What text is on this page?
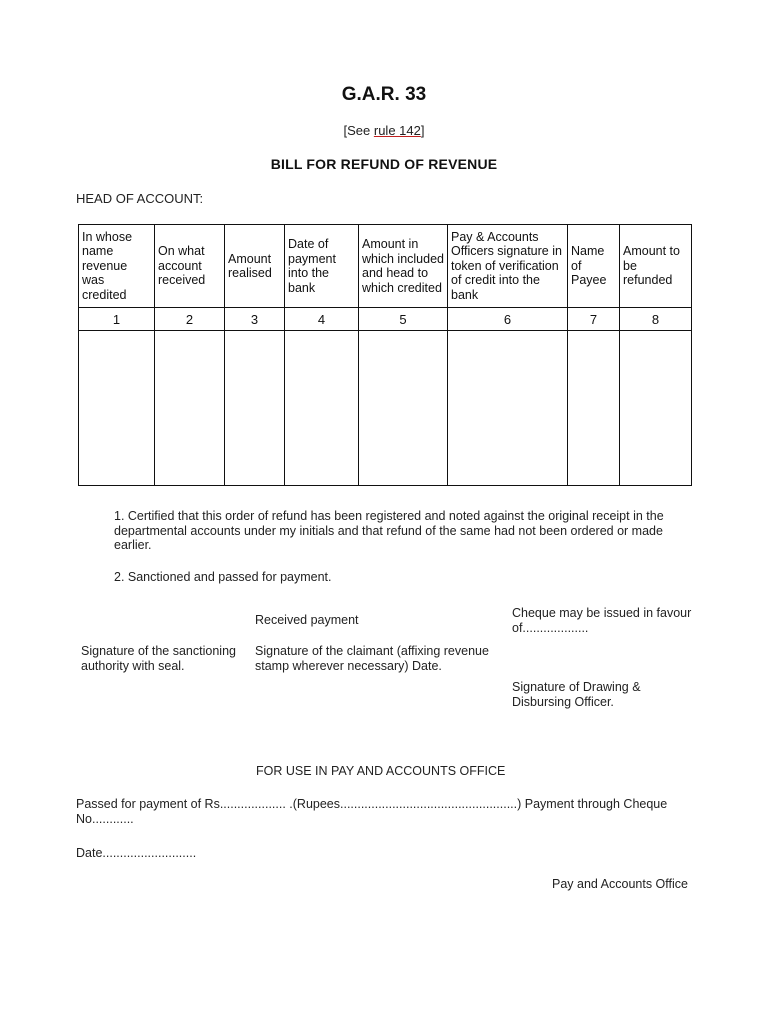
G.A.R. 33
[See rule 142]
BILL FOR REFUND OF REVENUE
HEAD OF ACCOUNT:
In whose name revenue was credited	On what account received	Amount realised	Date of payment into the bank	Amount in which included and head to which credited	Pay & Accounts Officers signature in token of verification of credit into the bank	Name of Payee	Amount to be refunded
1	2	3	4	5	6	7	8

1. Certified that this order of refund has been registered and noted against the original receipt in the departmental accounts under my initials and that refund of the same had not been ordered or made earlier.
2. Sanctioned and passed for payment.
Received payment	Cheque may be issued in favour of...................
Signature of the sanctioning authority with seal.
Signature of the claimant (affixing revenue stamp wherever necessary) Date.
Signature of Drawing & Disbursing Officer.
FOR USE IN PAY AND ACCOUNTS OFFICE
Passed for payment of Rs................... .(Rupees...................................................) Payment through Cheque No............
Date...........................
Pay and Accounts Office
